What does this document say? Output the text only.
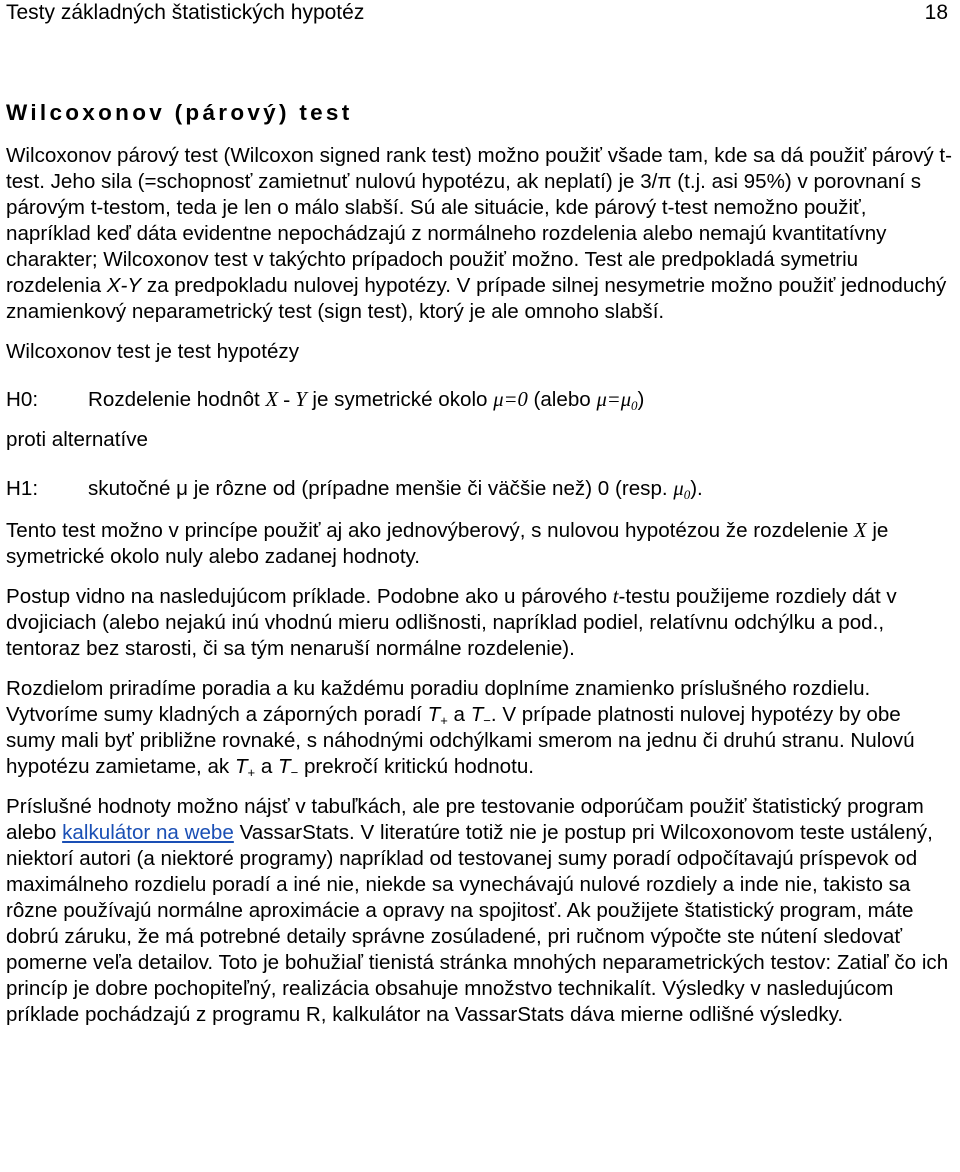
Testy základných štatistických hypotéz	18
Wilcoxonov (párový) test

Wilcoxonov párový test (Wilcoxon signed rank test) možno použiť všade tam, kde sa dá použiť párový t-test. Jeho sila (=schopnosť zamietnuť nulovú hypotézu, ak neplatí) je 3/π (t.j. asi 95%) v porovnaní s párovým t-testom, teda je len o málo slabší. Sú ale situácie, kde párový t-test nemožno použiť, napríklad keď dáta evidentne nepochádzajú z normálneho rozdelenia alebo nemajú kvantitatívny charakter; Wilcoxonov test v takýchto prípadoch použiť možno. Test ale predpokladá symetriu rozdelenia X-Y za predpokladu nulovej hypotézy. V prípade silnej nesymetrie možno použiť jednoduchý znamienkový neparametrický test (sign test), ktorý je ale omnoho slabší.

Wilcoxonov test je test hypotézy

H0:	Rozdelenie hodnôt X - Y je symetrické okolo μ=0 (alebo $\mu=\mu_0$)

proti alternatíve

H1:	skutočné μ je rôzne od (prípadne menšie či väčšie než) 0 (resp. $\mu_0$).

Tento test možno v princípe použiť aj ako jednovýberový, s nulovou hypotézou že rozdelenie X je symetrické okolo nuly alebo zadanej hodnoty.

Postup vidno na nasledujúcom príklade. Podobne ako u párového t-testu použijeme rozdiely dát v dvojiciach (alebo nejakú inú vhodnú mieru odlišnosti, napríklad podiel, relatívnu odchýlku a pod., tentoraz bez starosti, či sa tým nenaruší normálne rozdelenie).

Rozdielom priradíme poradia a ku každému poradiu doplníme znamienko príslušného rozdielu. Vytvoríme sumy kladných a záporných poradí $T_+$ a $T_-$. V prípade platnosti nulovej hypotézy by obe sumy mali byť približne rovnaké, s náhodnými odchýlkami smerom na jednu či druhú stranu. Nulovú hypotézu zamietame, ak $T_+$ a $T_-$ prekročí kritickú hodnotu.

Príslušné hodnoty možno nájsť v tabuľkách, ale pre testovanie odporúčam použiť štatistický program alebo kalkulátor na webe VassarStats. V literatúre totiž nie je postup pri Wilcoxonovom teste ustálený, niektorí autori (a niektoré programy) napríklad od testovanej sumy poradí odpočítavajú príspevok od maximálneho rozdielu poradí a iné nie, niekde sa vynechávajú nulové rozdiely a inde nie, takisto sa rôzne používajú normálne aproximácie a opravy na spojitosť. Ak použijete štatistický program, máte dobrú záruku, že má potrebné detaily správne zosúladené, pri ručnom výpočte ste nútení sledovať pomerne veľa detailov. Toto je bohužiaľ tienistá stránka mnohých neparametrických testov: Zatiaľ čo ich princíp je dobre pochopiteľný, realizácia obsahuje množstvo technikalít. Výsledky v nasledujúcom príklade pochádzajú z programu R, kalkulátor na VassarStats dáva mierne odlišné výsledky.
